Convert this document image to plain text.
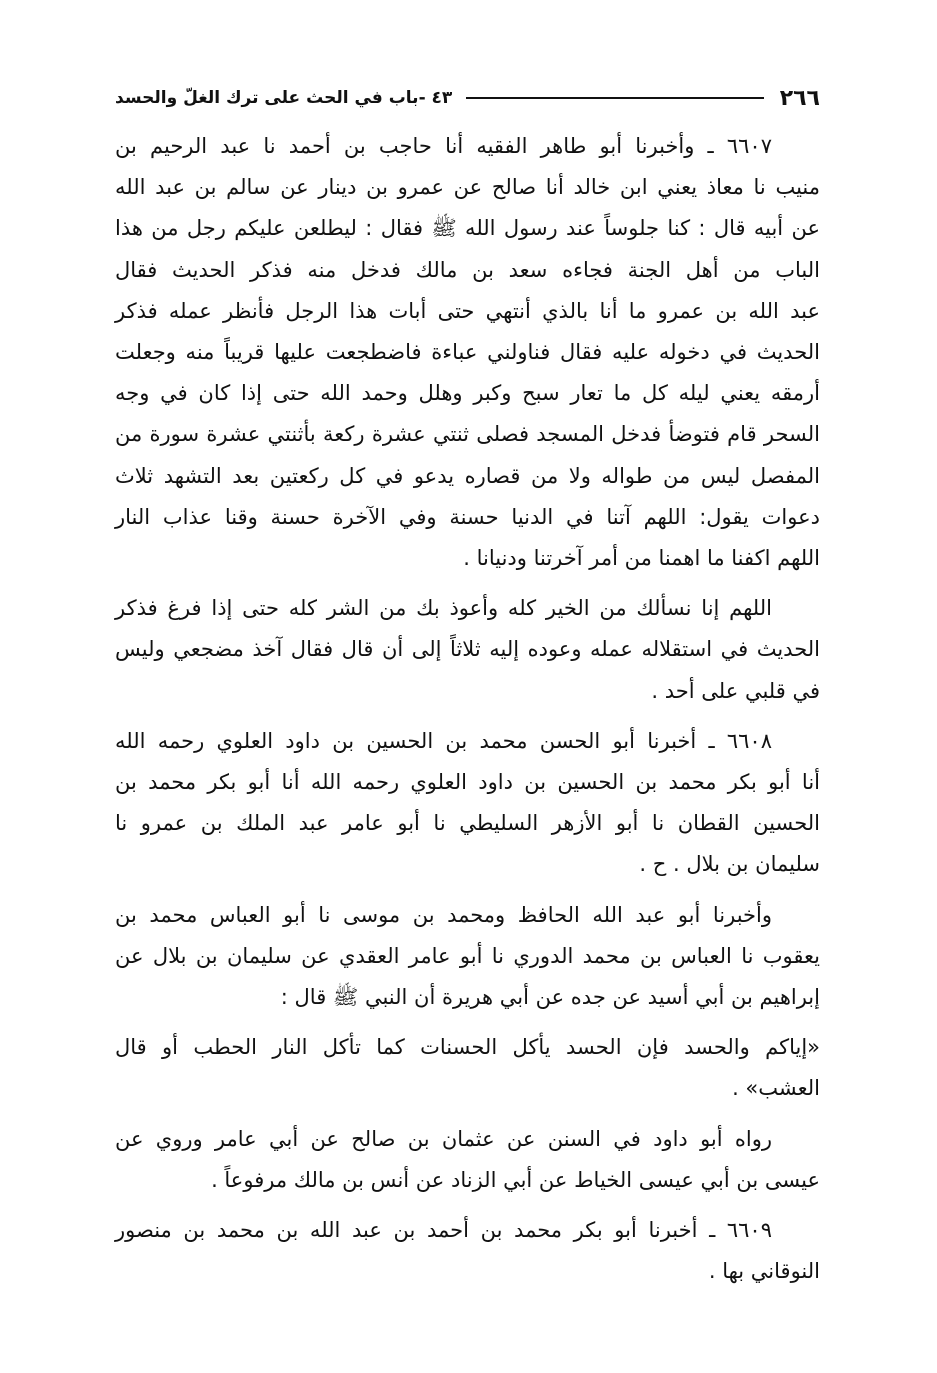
٢٦٦
٤٣ -باب في الحث على ترك الغلّ والحسد
٦٦٠٧ ـ وأخبرنا أبو طاهر الفقيه أنا حاجب بن أحمد نا عبد الرحيم بن
منيب نا معاذ يعني ابن خالد أنا صالح عن عمرو بن دينار عن سالم بن عبد الله
عن أبيه قال : كنا جلوساً عند رسول الله ﷺ فقال : ليطلعن عليكم رجل من هذا
الباب من أهل الجنة فجاءه سعد بن مالك فدخل منه فذكر الحديث فقال
عبد الله بن عمرو ما أنا بالذي أنتهي حتى أبات هذا الرجل فأنظر عمله فذكر
الحديث في دخوله عليه فقال فناولني عباءة فاضطجعت عليها قريباً منه وجعلت
أرمقه يعني ليله كل ما تعار سبح وكبر وهلل وحمد الله حتى إذا كان في وجه
السحر قام فتوضأ فدخل المسجد فصلى ثنتي عشرة ركعة بأثنتي عشرة سورة من
المفصل ليس من طواله ولا من قصاره يدعو في كل ركعتين بعد التشهد ثلاث
دعوات يقول: اللهم آتنا في الدنيا حسنة وفي الآخرة حسنة وقنا عذاب النار
اللهم اكفنا ما اهمنا من أمر آخرتنا ودنيانا .
اللهم إنا نسألك من الخير كله وأعوذ بك من الشر كله حتى إذا فرغ فذكر
الحديث في استقلاله عمله وعوده إليه ثلاثاً إلى أن قال فقال آخذ مضجعي وليس
في قلبي على أحد .
٦٦٠٨ ـ أخبرنا أبو الحسن محمد بن الحسين بن داود العلوي رحمه الله
أنا أبو بكر محمد بن الحسين بن داود العلوي رحمه الله أنا أبو بكر محمد بن
الحسين القطان نا أبو الأزهر السليطي نا أبو عامر عبد الملك بن عمرو نا
سليمان بن بلال . ح .
وأخبرنا أبو عبد الله الحافظ ومحمد بن موسى نا أبو العباس محمد بن
يعقوب نا العباس بن محمد الدوري نا أبو عامر العقدي عن سليمان بن بلال عن
إبراهيم بن أبي أسيد عن جده عن أبي هريرة أن النبي ﷺ قال :
«إياكم والحسد فإن الحسد يأكل الحسنات كما تأكل النار الحطب أو قال
العشب» .
رواه أبو داود في السنن عن عثمان بن صالح عن أبي عامر وروي عن
عيسى بن أبي عيسى الخياط عن أبي الزناد عن أنس بن مالك مرفوعاً .
٦٦٠٩ ـ أخبرنا أبو بكر محمد بن أحمد بن عبد الله بن محمد بن منصور
النوقاني بها .
